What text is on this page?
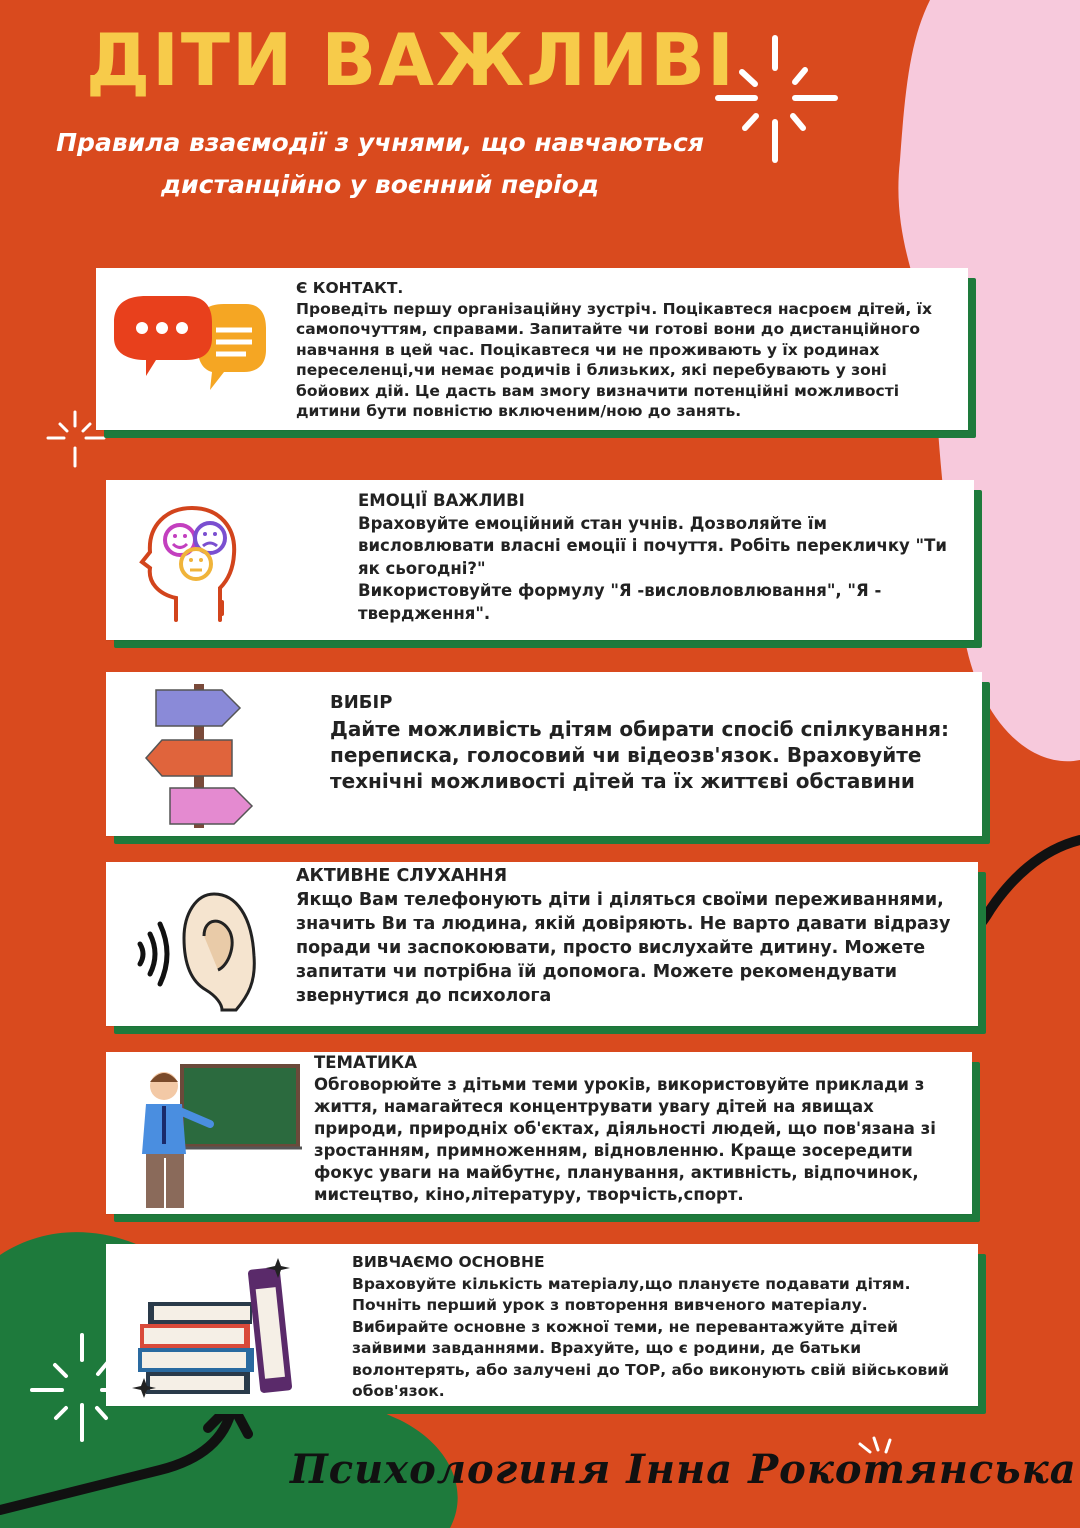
ДІТИ ВАЖЛИВІ
Правила взаємодії з учнями, що навчаються
дистанційно у воєнний період
Є КОНТАКТ.
Проведіть першу організаційну зустріч. Поцікавтеся насроєм дітей, їх самопочуттям, справами. Запитайте чи готові вони до дистанційного навчання в цей час. Поцікавтеся чи не проживають у їх родинах переселенці,чи немає родичів і близьких, які перебувають у зоні бойових дій. Це дасть вам змогу визначити потенційні можливості дитини бути повністю включеним/ною до занять.
ЕМОЦІЇ ВАЖЛИВІ
Враховуйте емоційний стан учнів. Дозволяйте їм висловлювати власні емоції і почуття. Робіть перекличку "Ти як сьогодні?"
Використовуйте формулу "Я -висловловлювання", "Я - твердження".
ВИБІР
Дайте можливість дітям обирати спосіб спілкування: переписка, голосовий чи відеозв'язок. Враховуйте технічні можливості дітей та їх життєві обставини
АКТИВНЕ СЛУХАННЯ
Якщо Вам телефонують діти і діляться своїми переживаннями, значить Ви та людина, якій довіряють. Не варто давати відразу поради чи заспокоювати, просто вислухайте дитину. Можете запитати чи потрібна їй допомога. Можете рекомендувати звернутися до психолога
ТЕМАТИКА
Обговорюйте з дітьми теми уроків, використовуйте приклади з життя, намагайтеся концентрувати увагу дітей на явищах природи, природніх об'єктах, діяльності людей, що пов'язана зі зростанням, примноженням, відновленню. Краще зосередити фокус уваги на майбутнє, планування, активність, відпочинок, мистецтво, кіно,літературу, творчість,спорт.
ВИВЧАЄМО ОСНОВНЕ
Враховуйте кількість матеріалу,що плануєте подавати дітям. Почніть перший урок з повторення вивченого матеріалу. Вибирайте основне з кожної теми, не перевантажуйте дітей зайвими завданнями. Врахуйте, що є родини, де батьки волонтерять, або залучені до ТОР, або виконують свій військовий обов'язок.
Психологиня Інна Рокотянська
